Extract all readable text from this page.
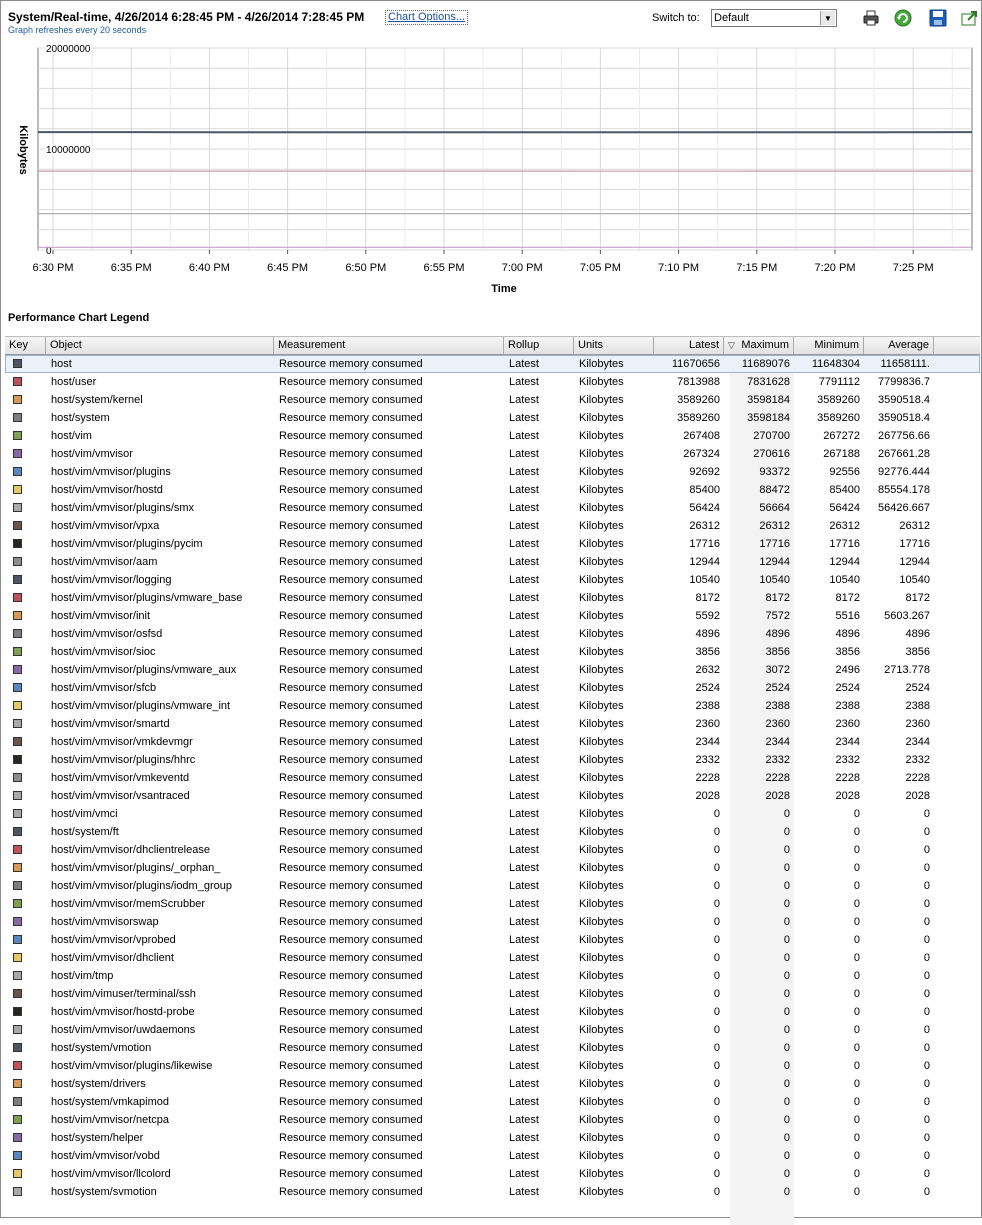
System/Real-time, 4/26/2014 6:28:45 PM - 4/26/2014 7:28:45 PM Chart Options...
Graph refreshes every 20 seconds
Switch to: Default	▼
20000000
10000000
0
6:30 PM	6:35 PM	6:40 PM	6:45 PM	6:50 PM	6:55 PM	7:00 PM	7:05 PM	7:10 PM	7:15 PM	7:20 PM	7:25 PM
Time
Kilobytes
Performance Chart Legend
Key	Object	Measurement	Rollup	Units	Latest	▽ Maximum	Minimum	Average
host	Resource memory consumed	Latest	Kilobytes	11670656	11689076	11648304	11658111.
host/user	Resource memory consumed	Latest	Kilobytes	7813988	7831628	7791112	7799836.7
host/system/kernel	Resource memory consumed	Latest	Kilobytes	3589260	3598184	3589260	3590518.4
host/system	Resource memory consumed	Latest	Kilobytes	3589260	3598184	3589260	3590518.4
host/vim	Resource memory consumed	Latest	Kilobytes	267408	270700	267272	267756.66
host/vim/vmvisor	Resource memory consumed	Latest	Kilobytes	267324	270616	267188	267661.28
host/vim/vmvisor/plugins	Resource memory consumed	Latest	Kilobytes	92692	93372	92556	92776.444
host/vim/vmvisor/hostd	Resource memory consumed	Latest	Kilobytes	85400	88472	85400	85554.178
host/vim/vmvisor/plugins/smx	Resource memory consumed	Latest	Kilobytes	56424	56664	56424	56426.667
host/vim/vmvisor/vpxa	Resource memory consumed	Latest	Kilobytes	26312	26312	26312	26312
host/vim/vmvisor/plugins/pycim	Resource memory consumed	Latest	Kilobytes	17716	17716	17716	17716
host/vim/vmvisor/aam	Resource memory consumed	Latest	Kilobytes	12944	12944	12944	12944
host/vim/vmvisor/logging	Resource memory consumed	Latest	Kilobytes	10540	10540	10540	10540
host/vim/vmvisor/plugins/vmware_base	Resource memory consumed	Latest	Kilobytes	8172	8172	8172	8172
host/vim/vmvisor/init	Resource memory consumed	Latest	Kilobytes	5592	7572	5516	5603.267
host/vim/vmvisor/osfsd	Resource memory consumed	Latest	Kilobytes	4896	4896	4896	4896
host/vim/vmvisor/sioc	Resource memory consumed	Latest	Kilobytes	3856	3856	3856	3856
host/vim/vmvisor/plugins/vmware_aux	Resource memory consumed	Latest	Kilobytes	2632	3072	2496	2713.778
host/vim/vmvisor/sfcb	Resource memory consumed	Latest	Kilobytes	2524	2524	2524	2524
host/vim/vmvisor/plugins/vmware_int	Resource memory consumed	Latest	Kilobytes	2388	2388	2388	2388
host/vim/vmvisor/smartd	Resource memory consumed	Latest	Kilobytes	2360	2360	2360	2360
host/vim/vmvisor/vmkdevmgr	Resource memory consumed	Latest	Kilobytes	2344	2344	2344	2344
host/vim/vmvisor/plugins/hhrc	Resource memory consumed	Latest	Kilobytes	2332	2332	2332	2332
host/vim/vmvisor/vmkeventd	Resource memory consumed	Latest	Kilobytes	2228	2228	2228	2228
host/vim/vmvisor/vsantraced	Resource memory consumed	Latest	Kilobytes	2028	2028	2028	2028
host/vim/vmci	Resource memory consumed	Latest	Kilobytes	0	0	0	0
host/system/ft	Resource memory consumed	Latest	Kilobytes	0	0	0	0
host/vim/vmvisor/dhclientrelease	Resource memory consumed	Latest	Kilobytes	0	0	0	0
host/vim/vmvisor/plugins/_orphan_	Resource memory consumed	Latest	Kilobytes	0	0	0	0
host/vim/vmvisor/plugins/iodm_group	Resource memory consumed	Latest	Kilobytes	0	0	0	0
host/vim/vmvisor/memScrubber	Resource memory consumed	Latest	Kilobytes	0	0	0	0
host/vim/vmvisorswap	Resource memory consumed	Latest	Kilobytes	0	0	0	0
host/vim/vmvisor/vprobed	Resource memory consumed	Latest	Kilobytes	0	0	0	0
host/vim/vmvisor/dhclient	Resource memory consumed	Latest	Kilobytes	0	0	0	0
host/vim/tmp	Resource memory consumed	Latest	Kilobytes	0	0	0	0
host/vim/vimuser/terminal/ssh	Resource memory consumed	Latest	Kilobytes	0	0	0	0
host/vim/vmvisor/hostd-probe	Resource memory consumed	Latest	Kilobytes	0	0	0	0
host/vim/vmvisor/uwdaemons	Resource memory consumed	Latest	Kilobytes	0	0	0	0
host/system/vmotion	Resource memory consumed	Latest	Kilobytes	0	0	0	0
host/vim/vmvisor/plugins/likewise	Resource memory consumed	Latest	Kilobytes	0	0	0	0
host/system/drivers	Resource memory consumed	Latest	Kilobytes	0	0	0	0
host/system/vmkapimod	Resource memory consumed	Latest	Kilobytes	0	0	0	0
host/vim/vmvisor/netcpa	Resource memory consumed	Latest	Kilobytes	0	0	0	0
host/system/helper	Resource memory consumed	Latest	Kilobytes	0	0	0	0
host/vim/vmvisor/vobd	Resource memory consumed	Latest	Kilobytes	0	0	0	0
host/vim/vmvisor/llcolord	Resource memory consumed	Latest	Kilobytes	0	0	0	0
host/system/svmotion	Resource memory consumed	Latest	Kilobytes	0	0	0	0
